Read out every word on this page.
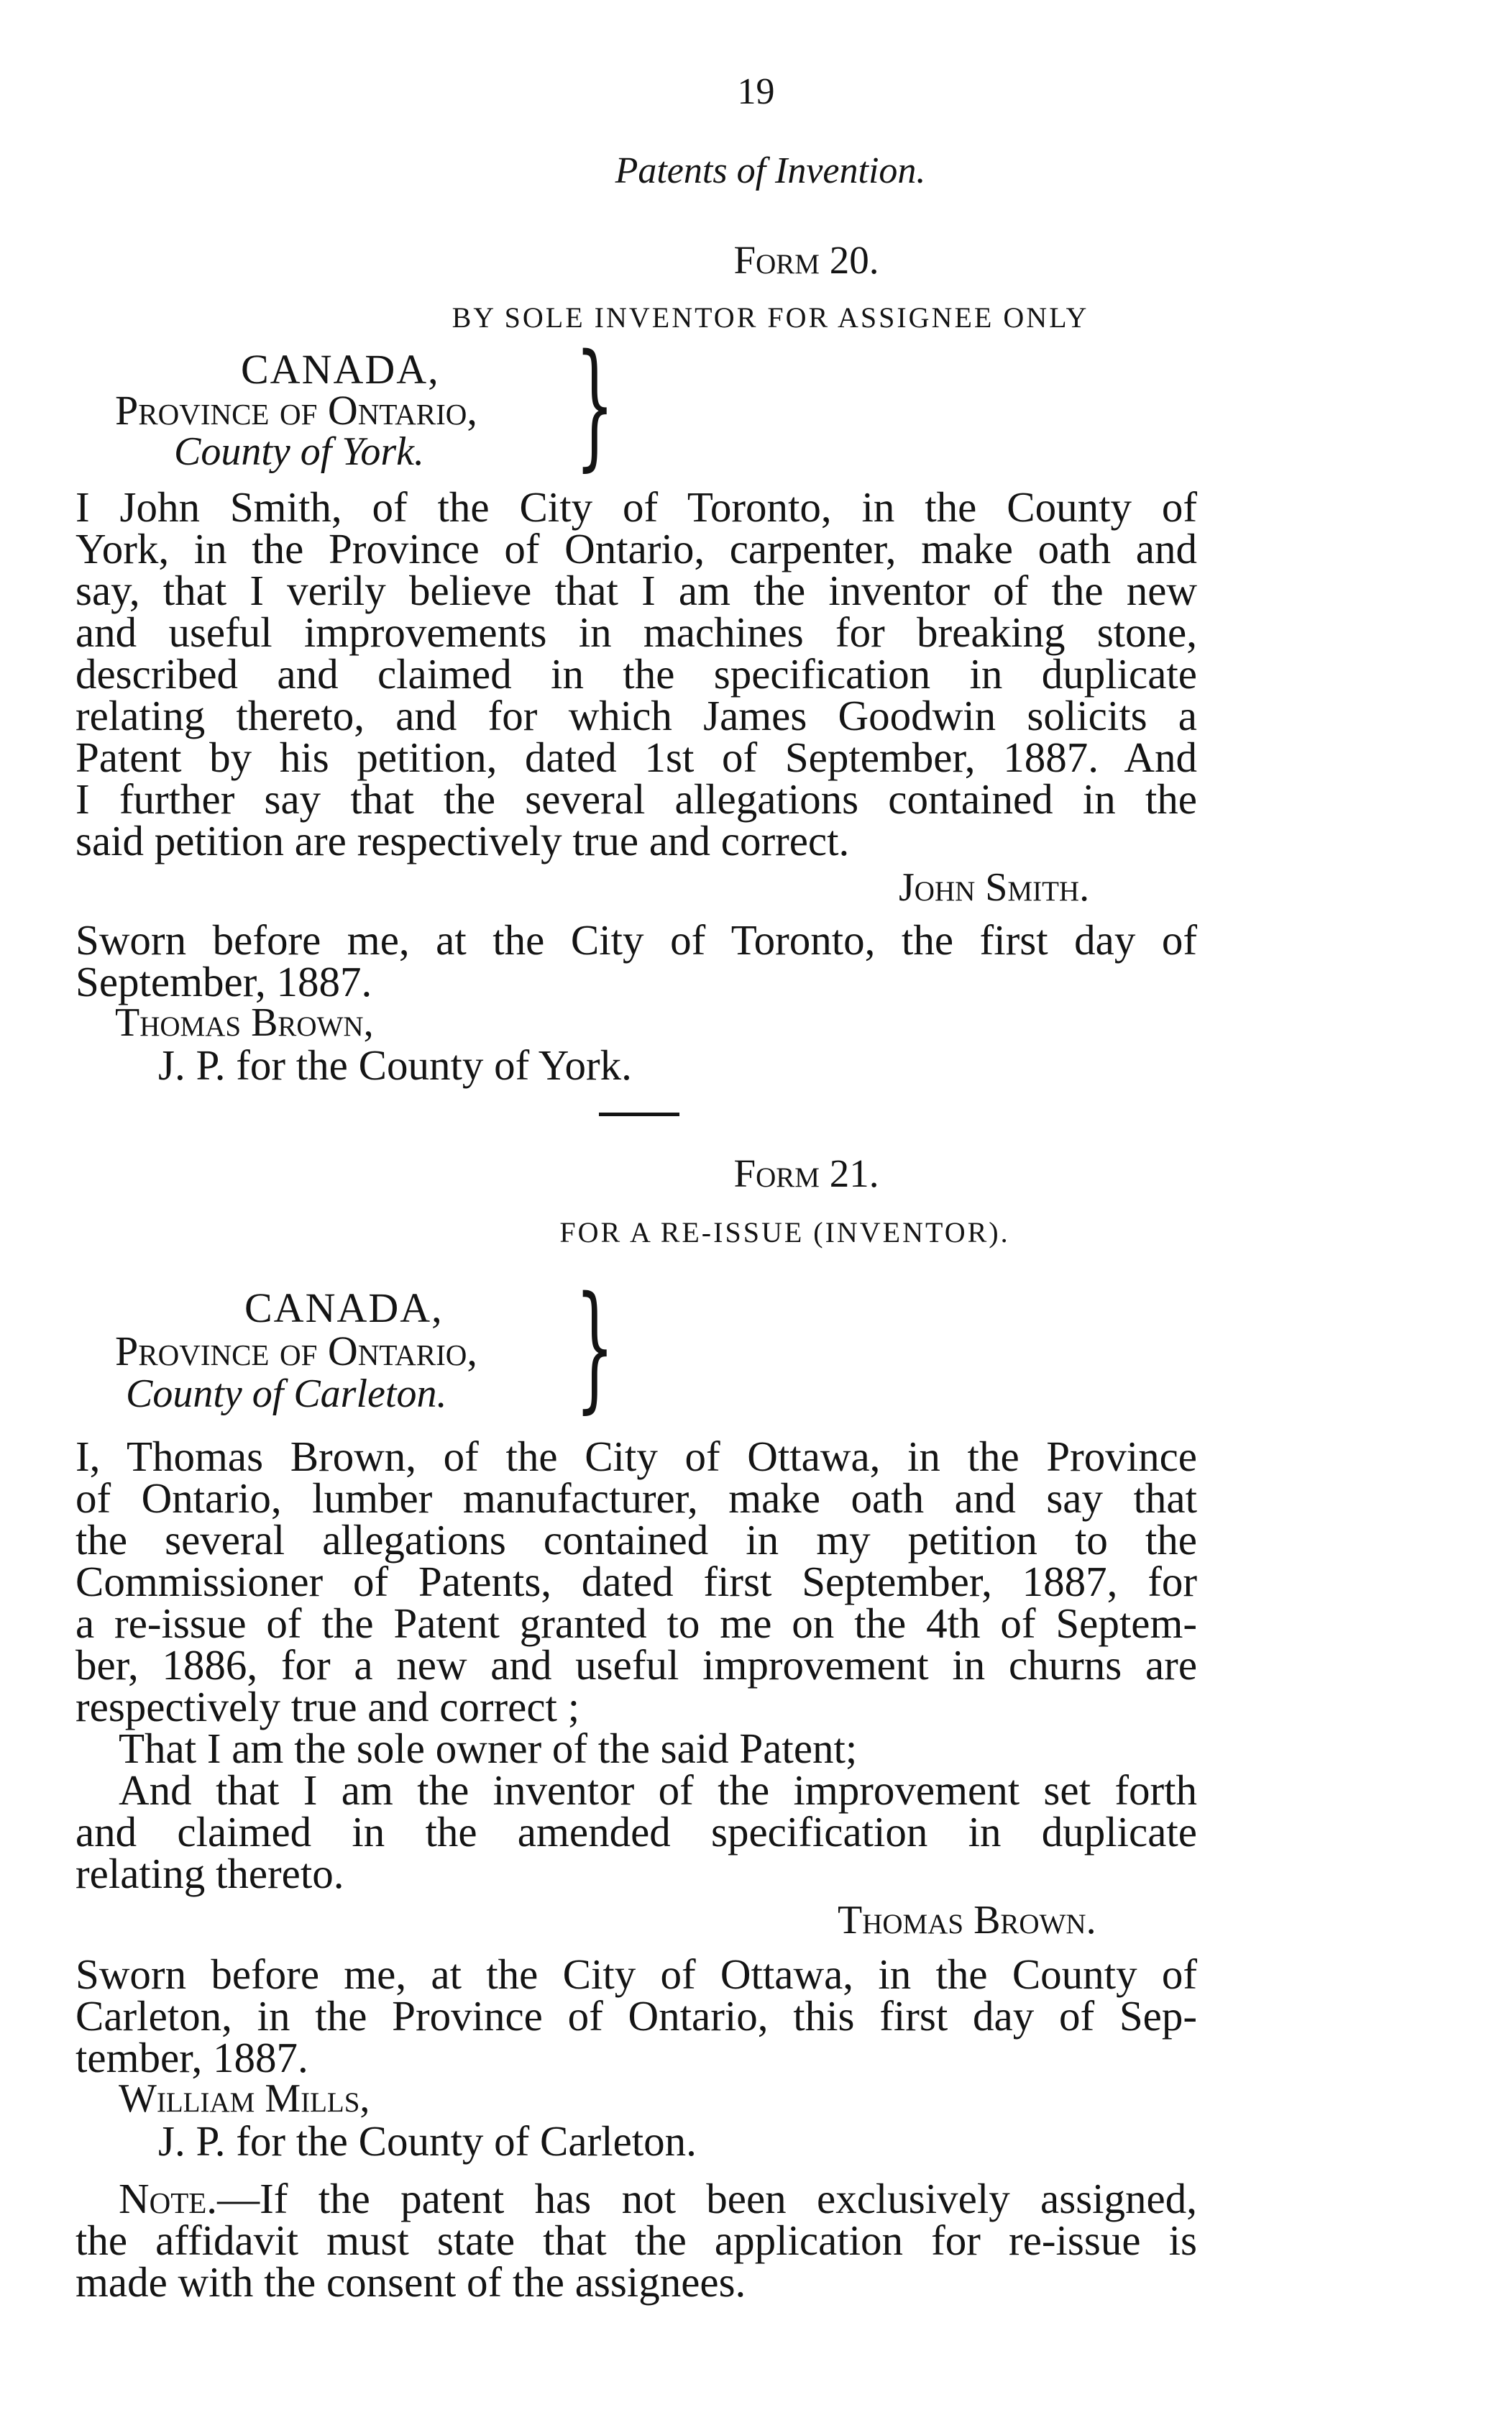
19
Patents of Invention.
Form 20.
BY SOLE INVENTOR FOR ASSIGNEE ONLY
CANADA,
Province of Ontario,
County of York. }
I John Smith, of the City of Toronto, in the County of
York, in the Province of Ontario, carpenter, make oath and
say, that I verily believe that I am the inventor of the new
and useful improvements in machines for breaking stone,
described and claimed in the specification in duplicate
relating thereto, and for which James Goodwin solicits a
Patent by his petition, dated 1st of September, 1887. And
I further say that the several allegations contained in the
said petition are respectively true and correct.
John Smith.
Sworn before me, at the City of Toronto, the first day of
September, 1887.
Thomas Brown,
J. P. for the County of York.
Form 21.
FOR A RE-ISSUE (INVENTOR).
CANADA,
Province of Ontario,
County of Carleton. }
I, Thomas Brown, of the City of Ottawa, in the Province
of Ontario, lumber manufacturer, make oath and say that
the several allegations contained in my petition to the
Commissioner of Patents, dated first September, 1887, for
a re-issue of the Patent granted to me on the 4th of Septem-
ber, 1886, for a new and useful improvement in churns are
respectively true and correct ;
That I am the sole owner of the said Patent;
And that I am the inventor of the improvement set forth
and claimed in the amended specification in duplicate
relating thereto.
Thomas Brown.
Sworn before me, at the City of Ottawa, in the County of
Carleton, in the Province of Ontario, this first day of Sep-
tember, 1887.
William Mills,
J. P. for the County of Carleton.
Note.—If the patent has not been exclusively assigned,
the affidavit must state that the application for re-issue is
made with the consent of the assignees.
